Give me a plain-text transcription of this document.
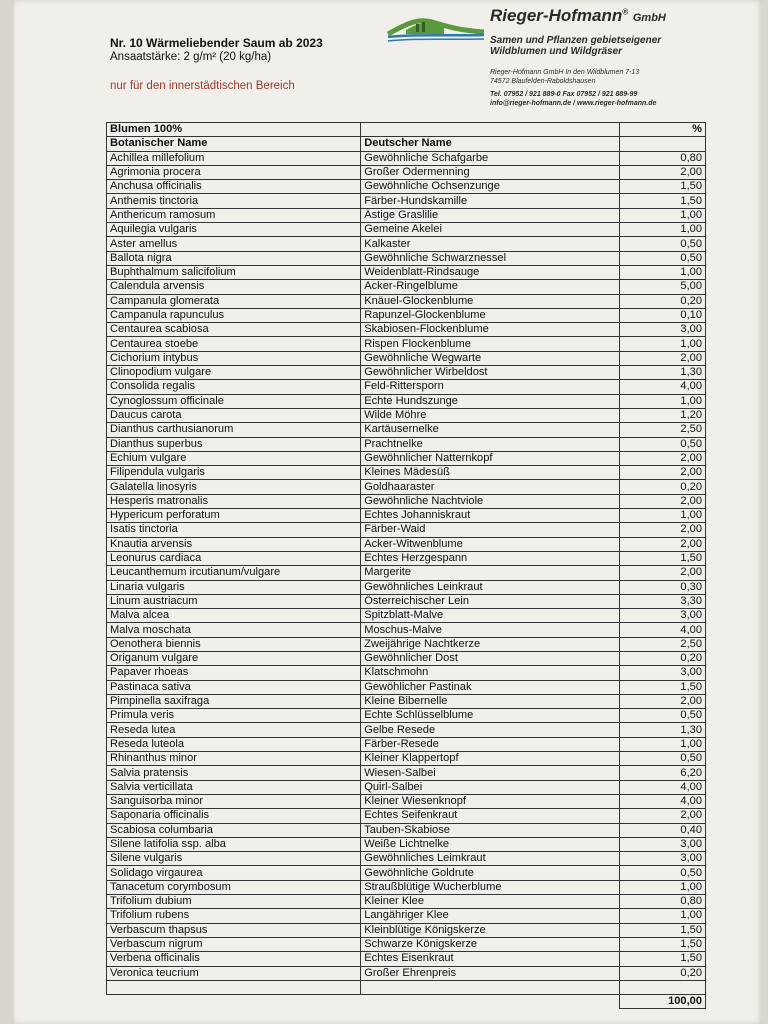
Nr. 10 Wärmeliebender Saum ab 2023
Ansaatstärke: 2 g/m² (20 kg/ha)
nur für den innerstädtischen Bereich
Rieger-Hofmann® GmbH
Samen und Pflanzen gebietseigener
Wildblumen und Wildgräser
Rieger-Hofmann GmbH In den Wildblumen 7-13
74572 Blaufelden-Raboldshausen
Tel. 07952 / 921 889-0 Fax 07952 / 921 889-99
info@rieger-hofmann.de / www.rieger-hofmann.de
Blumen 100%		%
Botanischer Name	Deutscher Name	
Achillea millefolium	Gewöhnliche Schafgarbe	0,80
Agrimonia procera	Großer Odermenning	2,00
Anchusa officinalis	Gewöhnliche Ochsenzunge	1,50
Anthemis tinctoria	Färber-Hundskamille	1,50
Anthericum ramosum	Ästige Graslilie	1,00
Aquilegia vulgaris	Gemeine Akelei	1,00
Aster amellus	Kalkaster	0,50
Ballota nigra	Gewöhnliche Schwarznessel	0,50
Buphthalmum salicifolium	Weidenblatt-Rindsauge	1,00
Calendula arvensis	Acker-Ringelblume	5,00
Campanula glomerata	Knäuel-Glockenblume	0,20
Campanula rapunculus	Rapunzel-Glockenblume	0,10
Centaurea scabiosa	Skabiosen-Flockenblume	3,00
Centaurea stoebe	Rispen Flockenblume	1,00
Cichorium intybus	Gewöhnliche Wegwarte	2,00
Clinopodium vulgare	Gewöhnlicher Wirbeldost	1,30
Consolida regalis	Feld-Rittersporn	4,00
Cynoglossum officinale	Echte Hundszunge	1,00
Daucus carota	Wilde Möhre	1,20
Dianthus carthusianorum	Kartäusernelke	2,50
Dianthus superbus	Prachtnelke	0,50
Echium vulgare	Gewöhnlicher Natternkopf	2,00
Filipendula vulgaris	Kleines Mädesüß	2,00
Galatella linosyris	Goldhaaraster	0,20
Hesperis matronalis	Gewöhnliche Nachtviole	2,00
Hypericum perforatum	Echtes Johanniskraut	1,00
Isatis tinctoria	Färber-Waid	2,00
Knautia arvensis	Acker-Witwenblume	2,00
Leonurus cardiaca	Echtes Herzgespann	1,50
Leucanthemum ircutianum/vulgare	Margerite	2,00
Linaria vulgaris	Gewöhnliches Leinkraut	0,30
Linum austriacum	Österreichischer Lein	3,30
Malva alcea	Spitzblatt-Malve	3,00
Malva moschata	Moschus-Malve	4,00
Oenothera biennis	Zweijährige Nachtkerze	2,50
Origanum vulgare	Gewöhnlicher Dost	0,20
Papaver rhoeas	Klatschmohn	3,00
Pastinaca sativa	Gewöhlicher Pastinak	1,50
Pimpinella saxifraga	Kleine Bibernelle	2,00
Primula veris	Echte Schlüsselblume	0,50
Reseda lutea	Gelbe Resede	1,30
Reseda luteola	Färber-Resede	1,00
Rhinanthus minor	Kleiner Klappertopf	0,50
Salvia pratensis	Wiesen-Salbei	6,20
Salvia verticillata	Quirl-Salbei	4,00
Sanguisorba minor	Kleiner Wiesenknopf	4,00
Saponaria officinalis	Echtes Seifenkraut	2,00
Scabiosa columbaria	Tauben-Skabiose	0,40
Silene latifolia ssp. alba	Weiße Lichtnelke	3,00
Silene vulgaris	Gewöhnliches Leimkraut	3,00
Solidago virgaurea	Gewöhnliche Goldrute	0,50
Tanacetum corymbosum	Straußblütige Wucherblume	1,00
Trifolium dubium	Kleiner Klee	0,80
Trifolium rubens	Langähriger Klee	1,00
Verbascum thapsus	Kleinblütige Königskerze	1,50
Verbascum nigrum	Schwarze Königskerze	1,50
Verbena officinalis	Echtes Eisenkraut	1,50
Veronica teucrium	Großer Ehrenpreis	0,20

		100,00
